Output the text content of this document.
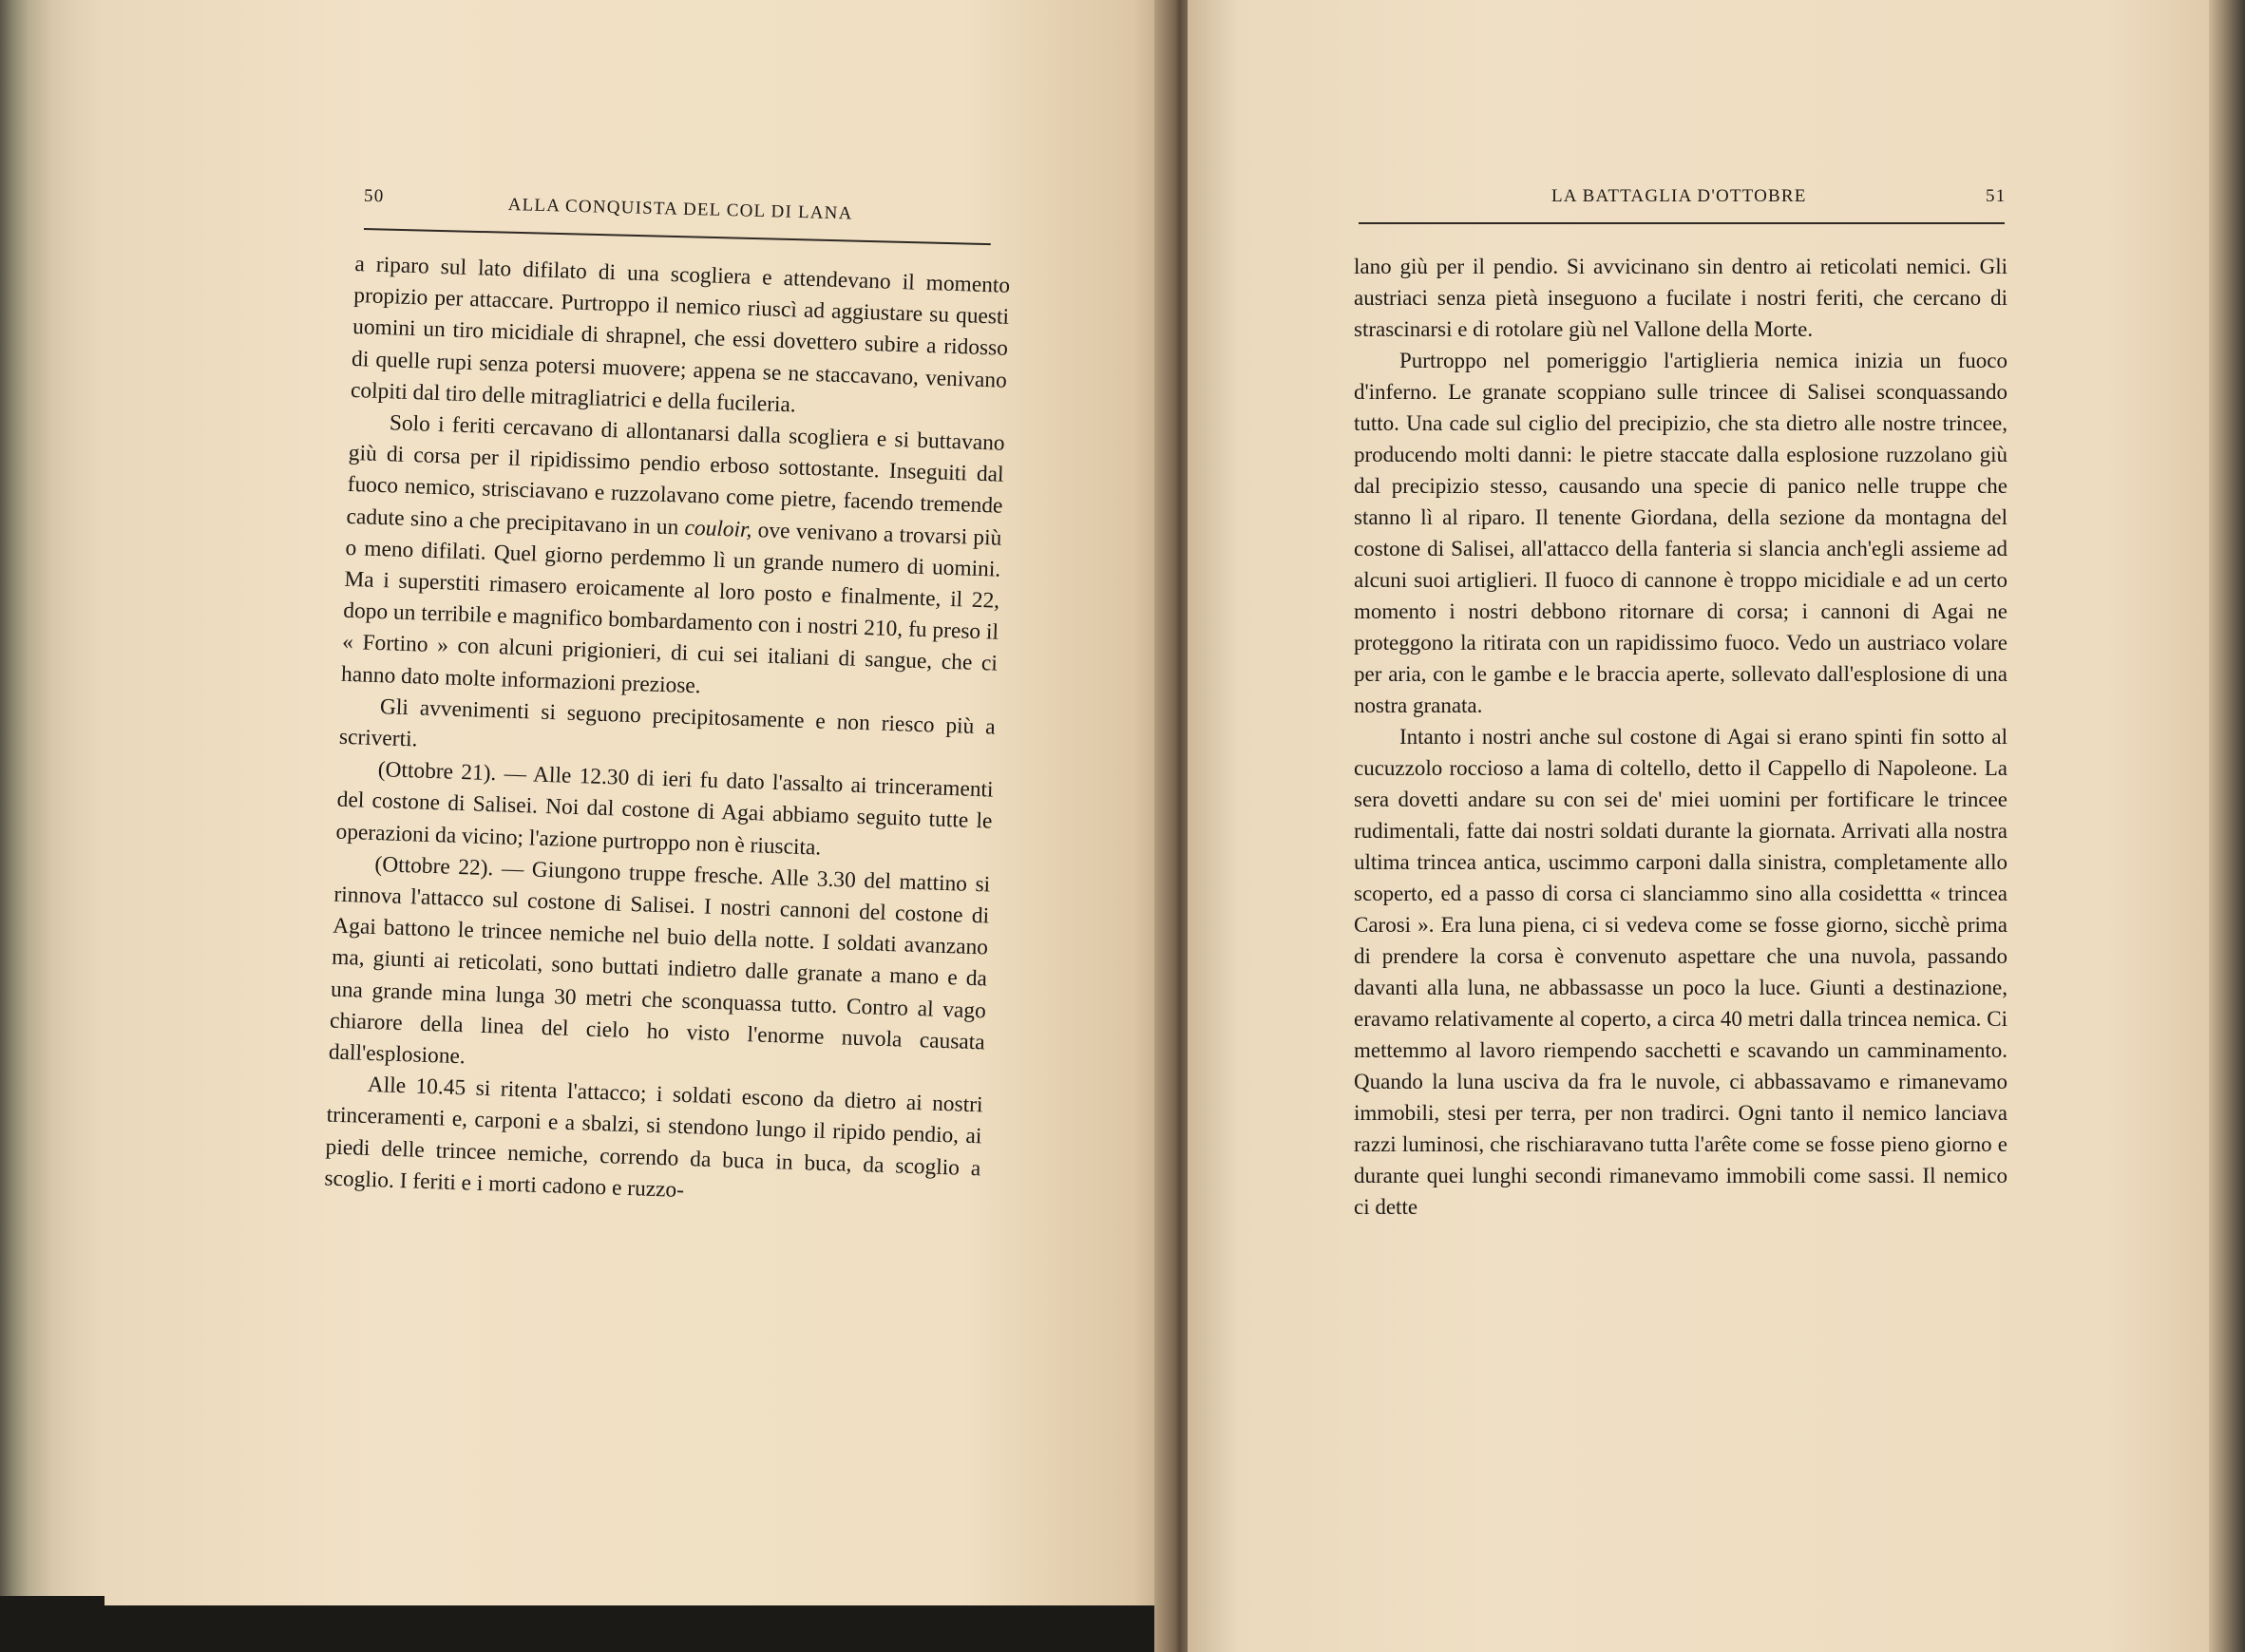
50	ALLA CONQUISTA DEL COL DI LANA

a riparo sul lato difilato di una scogliera e attendevano il momento propizio per attaccare. Purtroppo il nemico riuscì ad aggiustare su questi uomini un tiro micidiale di shrapnel, che essi dovettero subire a ridosso di quelle rupi senza potersi muovere; appena se ne staccavano, venivano colpiti dal tiro delle mitragliatrici e della fucileria.

Solo i feriti cercavano di allontanarsi dalla scogliera e si buttavano giù di corsa per il ripidissimo pendio erboso sottostante. Inseguiti dal fuoco nemico, strisciavano e ruzzolavano come pietre, facendo tremende cadute sino a che precipitavano in un couloir, ove venivano a trovarsi più o meno difilati. Quel giorno perdemmo lì un grande numero di uomini. Ma i superstiti rimasero eroicamente al loro posto e finalmente, il 22, dopo un terribile e magnifico bombardamento con i nostri 210, fu preso il « Fortino » con alcuni prigionieri, di cui sei italiani di sangue, che ci hanno dato molte informazioni preziose.

Gli avvenimenti si seguono precipitosamente e non riesco più a scriverti.

(Ottobre 21). — Alle 12.30 di ieri fu dato l'assalto ai trinceramenti del costone di Salisei. Noi dal costone di Agai abbiamo seguito tutte le operazioni da vicino; l'azione purtroppo non è riuscita.

(Ottobre 22). — Giungono truppe fresche. Alle 3.30 del mattino si rinnova l'attacco sul costone di Salisei. I nostri cannoni del costone di Agai battono le trincee nemiche nel buio della notte. I soldati avanzano ma, giunti ai reticolati, sono buttati indietro dalle granate a mano e da una grande mina lunga 30 metri che sconquassa tutto. Contro al vago chiarore della linea del cielo ho visto l'enorme nuvola causata dall'esplosione.

Alle 10.45 si ritenta l'attacco; i soldati escono da dietro ai nostri trinceramenti e, carponi e a sbalzi, si stendono lungo il ripido pendio, ai piedi delle trincee nemiche, correndo da buca in buca, da scoglio a scoglio. I feriti e i morti cadono e ruzzo-

LA BATTAGLIA D'OTTOBRE	51

lano giù per il pendio. Si avvicinano sin dentro ai reticolati nemici. Gli austriaci senza pietà inseguono a fucilate i nostri feriti, che cercano di strascinarsi e di rotolare giù nel Vallone della Morte.

Purtroppo nel pomeriggio l'artiglieria nemica inizia un fuoco d'inferno. Le granate scoppiano sulle trincee di Salisei sconquassando tutto. Una cade sul ciglio del precipizio, che sta dietro alle nostre trincee, producendo molti danni: le pietre staccate dalla esplosione ruzzolano giù dal precipizio stesso, causando una specie di panico nelle truppe che stanno lì al riparo. Il tenente Giordana, della sezione da montagna del costone di Salisei, all'attacco della fanteria si slancia anch'egli assieme ad alcuni suoi artiglieri. Il fuoco di cannone è troppo micidiale e ad un certo momento i nostri debbono ritornare di corsa; i cannoni di Agai ne proteggono la ritirata con un rapidissimo fuoco. Vedo un austriaco volare per aria, con le gambe e le braccia aperte, sollevato dall'esplosione di una nostra granata.

Intanto i nostri anche sul costone di Agai si erano spinti fin sotto al cucuzzolo roccioso a lama di coltello, detto il Cappello di Napoleone. La sera dovetti andare su con sei de' miei uomini per fortificare le trincee rudimentali, fatte dai nostri soldati durante la giornata. Arrivati alla nostra ultima trincea antica, uscimmo carponi dalla sinistra, completamente allo scoperto, ed a passo di corsa ci slanciammo sino alla cosidettta « trincea Carosi ». Era luna piena, ci si vedeva come se fosse giorno, sicchè prima di prendere la corsa è convenuto aspettare che una nuvola, passando davanti alla luna, ne abbassasse un poco la luce. Giunti a destinazione, eravamo relativamente al coperto, a circa 40 metri dalla trincea nemica. Ci mettemmo al lavoro riempendo sacchetti e scavando un camminamento. Quando la luna usciva da fra le nuvole, ci abbassavamo e rimanevamo immobili, stesi per terra, per non tradirci. Ogni tanto il nemico lanciava razzi luminosi, che rischiaravano tutta l'arête come se fosse pieno giorno e durante quei lunghi secondi rimanevamo immobili come sassi. Il nemico ci dette
